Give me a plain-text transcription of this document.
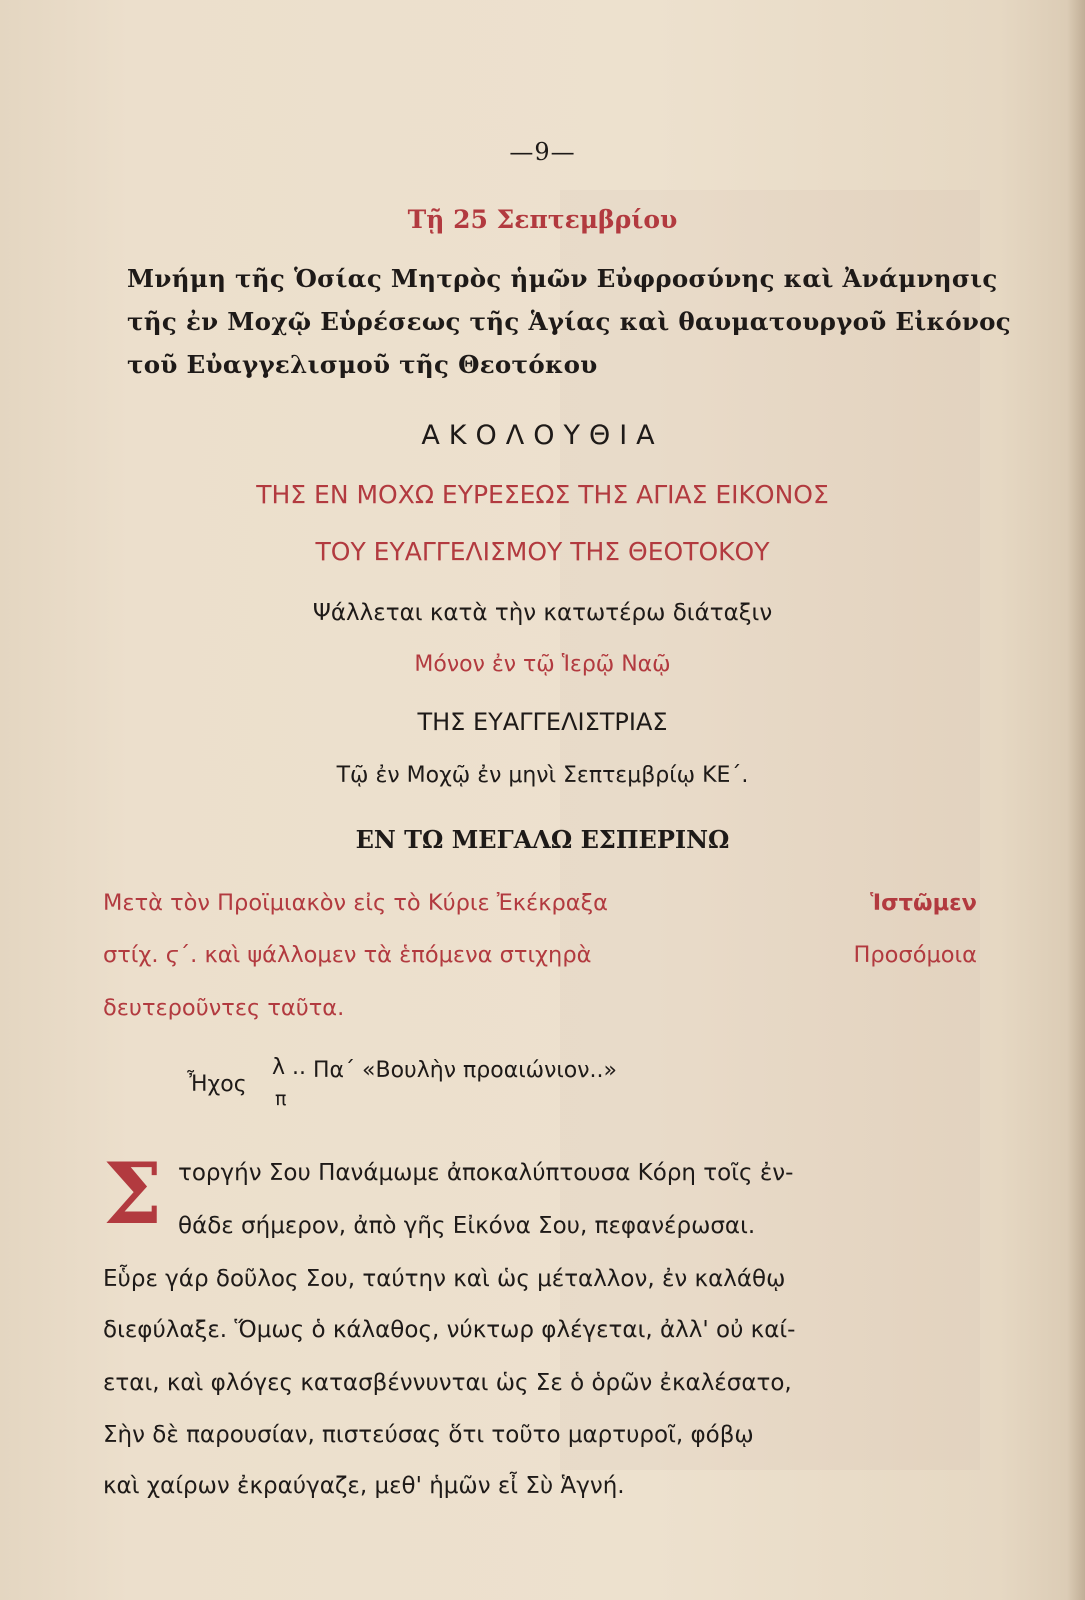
—9—
Τῇ 25 Σεπτεμβρίου
Μνήμη τῆς Ὁσίας Μητρὸς ἡμῶν Εὐφροσύνης καὶ Ἀνάμνησις
τῆς ἐν Μοχῷ Εὑρέσεως τῆς Ἁγίας καὶ θαυματουργοῦ Εἰκόνος
τοῦ Εὐαγγελισμοῦ τῆς Θεοτόκου
ΑΚΟΛΟΥΘΙΑ
ΤΗΣ ΕΝ ΜΟΧΩ ΕΥΡΕΣΕΩΣ ΤΗΣ ΑΓΙΑΣ ΕΙΚΟΝΟΣ
ΤΟΥ ΕΥΑΓΓΕΛΙΣΜΟΥ ΤΗΣ ΘΕΟΤΟΚΟΥ
Ψάλλεται κατὰ τὴν κατωτέρω διάταξιν
Μόνον ἐν τῷ Ἱερῷ Ναῷ
ΤΗΣ ΕΥΑΓΓΕΛΙΣΤΡΙΑΣ
Τῷ ἐν Μοχῷ ἐν μηνὶ Σεπτεμβρίῳ ΚΕ΄.
ΕΝ ΤΩ ΜΕΓΑΛΩ ΕΣΠΕΡΙΝΩ
Μετὰ τὸν Προϊμιακὸν εἰς τὸ Κύριε Ἐκέκραξα	Ἱστῶμεν
στίχ. ϛ΄. καὶ ψάλλομεν τὰ ἑπόμενα στιχηρὰ	Προσόμοια
δευτεροῦντες ταῦτα.
Ἦχος
λ ..
π
Πα΄ «Βουλὴν προαιώνιον..»
Σ τοργήν Σου Πανάμωμε ἀποκαλύπτουσα Κόρη τοῖς ἐν-
θάδε σήμερον, ἀπὸ γῆς Εἰκόνα Σου, πεφανέρωσαι.
Εὗρε γάρ δοῦλος Σου, ταύτην καὶ ὡς μέταλλον, ἐν καλάθῳ
διεφύλαξε. Ὅμως ὁ κάλαθος, νύκτωρ φλέγεται, ἀλλ' οὐ καί-
εται, καὶ φλόγες κατασβέννυνται ὡς Σε ὁ ὁρῶν ἐκαλέσατο,
Σὴν δὲ παρουσίαν, πιστεύσας ὅτι τοῦτο μαρτυροῖ, φόβῳ
καὶ χαίρων ἐκραύγαζε, μεθ' ἡμῶν εἶ Σὺ Ἁγνή.
